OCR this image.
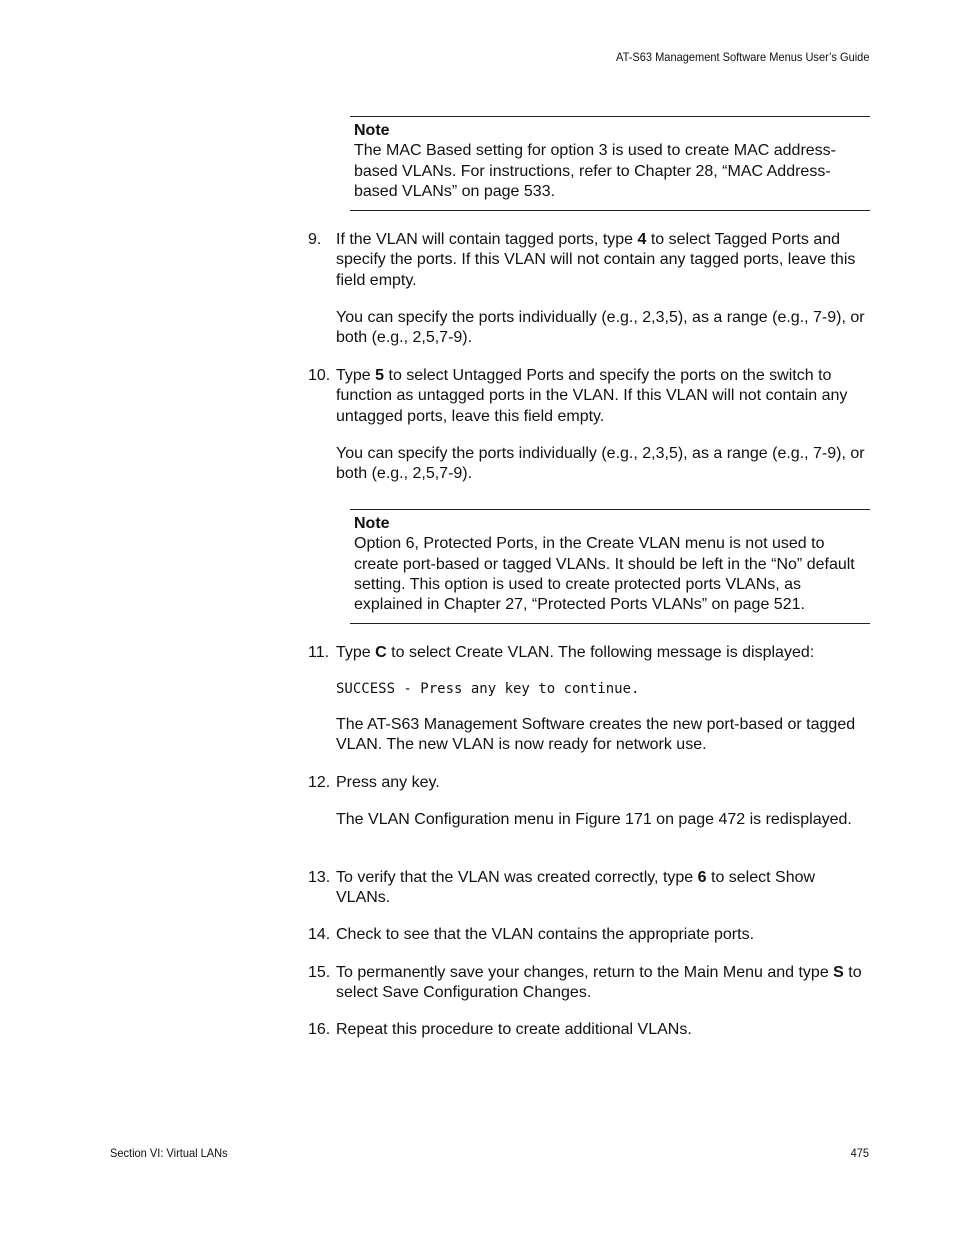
AT-S63 Management Software Menus User’s Guide
Note
The MAC Based setting for option 3 is used to create MAC address-based VLANs. For instructions, refer to Chapter 28, “MAC Address-based VLANs” on page 533.
9. If the VLAN will contain tagged ports, type 4 to select Tagged Ports and specify the ports. If this VLAN will not contain any tagged ports, leave this field empty.
You can specify the ports individually (e.g., 2,3,5), as a range (e.g., 7-9), or both (e.g., 2,5,7-9).
10. Type 5 to select Untagged Ports and specify the ports on the switch to function as untagged ports in the VLAN. If this VLAN will not contain any untagged ports, leave this field empty.
You can specify the ports individually (e.g., 2,3,5), as a range (e.g., 7-9), or both (e.g., 2,5,7-9).
Note
Option 6, Protected Ports, in the Create VLAN menu is not used to create port-based or tagged VLANs. It should be left in the “No” default setting. This option is used to create protected ports VLANs, as explained in Chapter 27, “Protected Ports VLANs” on page 521.
11. Type C to select Create VLAN. The following message is displayed:
SUCCESS - Press any key to continue.
The AT-S63 Management Software creates the new port-based or tagged VLAN. The new VLAN is now ready for network use.
12. Press any key.
The VLAN Configuration menu in Figure 171 on page 472 is redisplayed.
13. To verify that the VLAN was created correctly, type 6 to select Show VLANs.
14. Check to see that the VLAN contains the appropriate ports.
15. To permanently save your changes, return to the Main Menu and type S to select Save Configuration Changes.
16. Repeat this procedure to create additional VLANs.
Section VI: Virtual LANs	475
